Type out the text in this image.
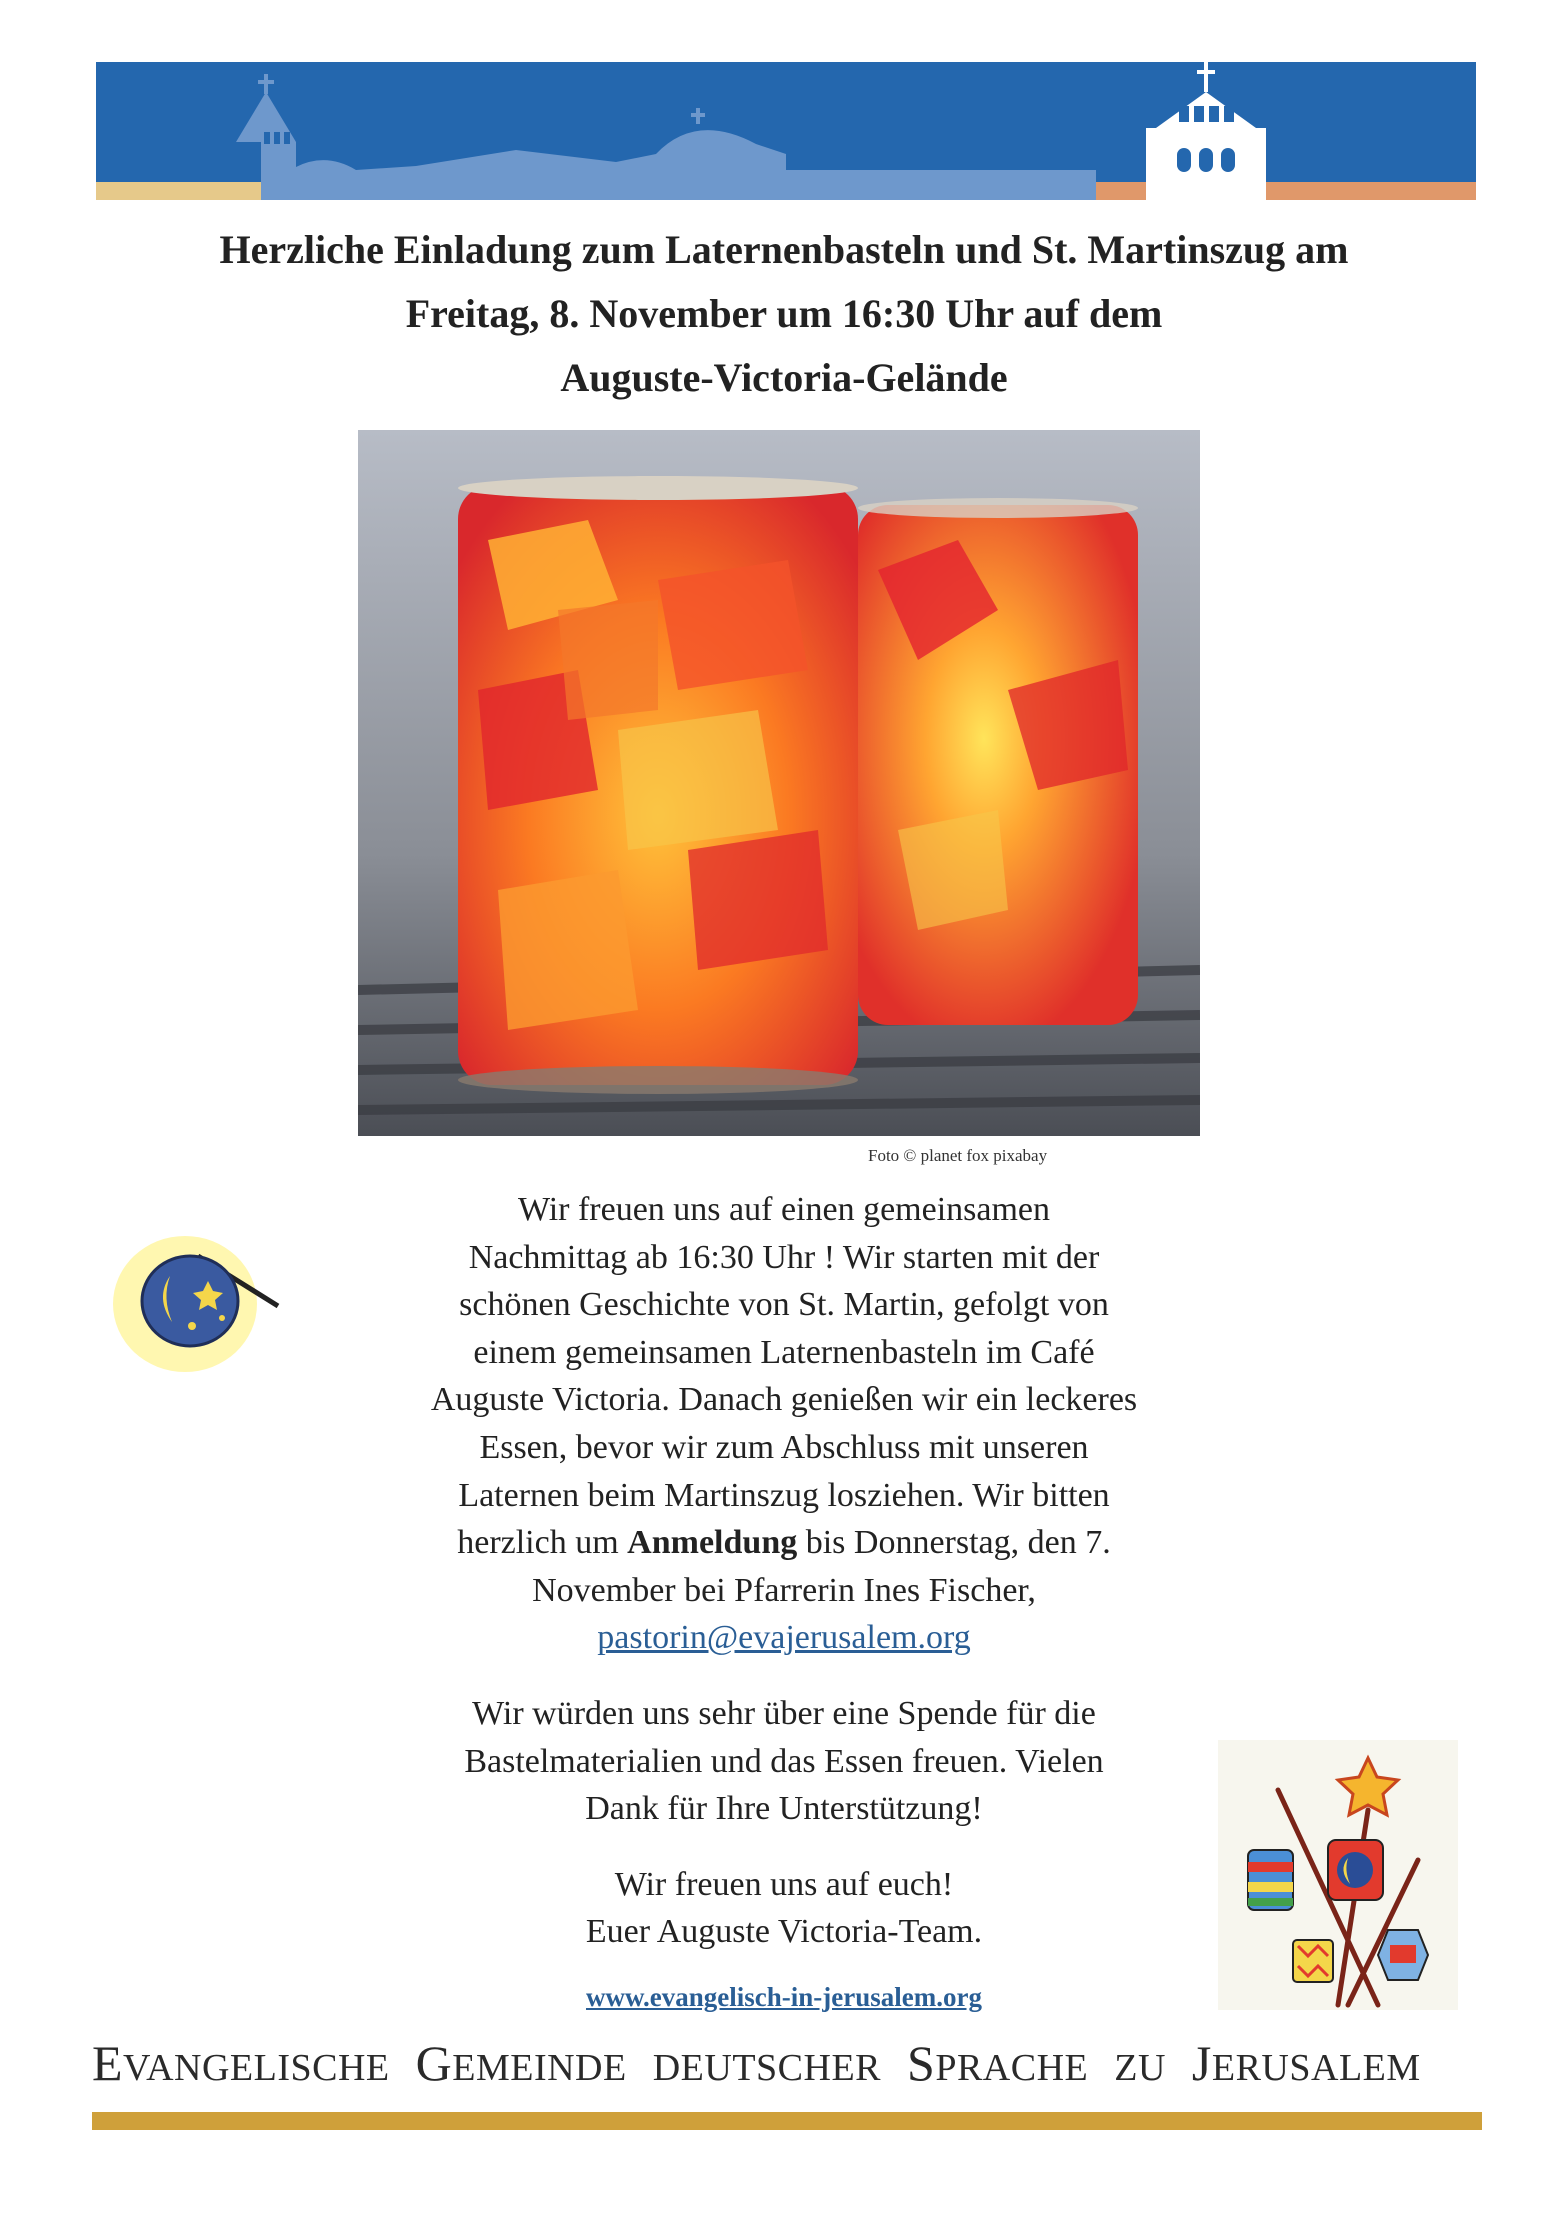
Herzliche Einladung zum Laternenbasteln und St. Martinszug am
Freitag, 8. November um 16:30 Uhr auf dem
Auguste-Victoria-Gelände
Foto © planet fox pixabay
Wir freuen uns auf einen gemeinsamen
Nachmittag ab 16:30 Uhr ! Wir starten mit der
schönen Geschichte von St. Martin, gefolgt von
einem gemeinsamen Laternenbasteln im Café
Auguste Victoria. Danach genießen wir ein leckeres
Essen, bevor wir zum Abschluss mit unseren
Laternen beim Martinszug losziehen. Wir bitten
herzlich um Anmeldung bis Donnerstag, den 7.
November bei Pfarrerin Ines Fischer,
pastorin@evajerusalem.org
Wir würden uns sehr über eine Spende für die
Bastelmaterialien und das Essen freuen. Vielen
Dank für Ihre Unterstützung!
Wir freuen uns auf euch!
Euer Auguste Victoria-Team.
www.evangelisch-in-jerusalem.org
EVANGELISCHE GEMEINDE DEUTSCHER SPRACHE ZU JERUSALEM
